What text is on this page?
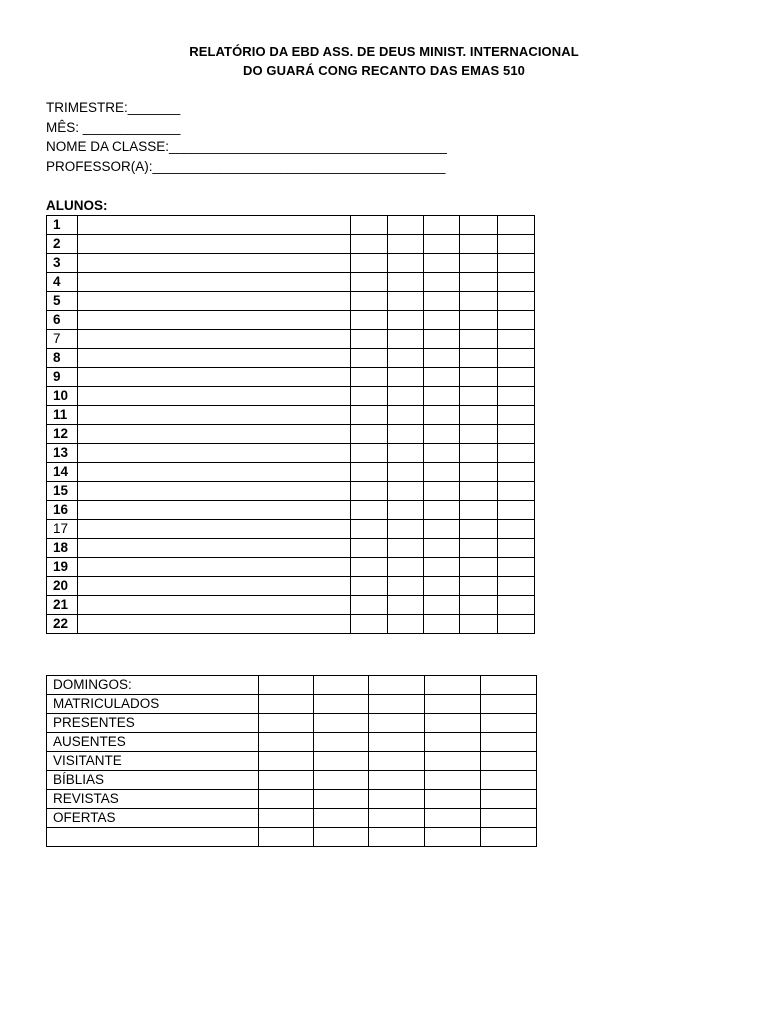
RELATÓRIO DA EBD ASS. DE DEUS MINIST. INTERNACIONAL
DO GUARÁ CONG RECANTO DAS EMAS 510
TRIMESTRE:_______
MÊS: _____________
NOME DA CLASSE:_____________________________________
PROFESSOR(A):_______________________________________
ALUNOS:
1						
2						
3						
4						
5						
6						
7						
8						
9						
10						
11						
12						
13						
14						
15						
16						
17						
18						
19						
20						
21						
22						
DOMINGOS:					
MATRICULADOS					
PRESENTES					
AUSENTES					
VISITANTE					
BÍBLIAS					
REVISTAS					
OFERTAS					
